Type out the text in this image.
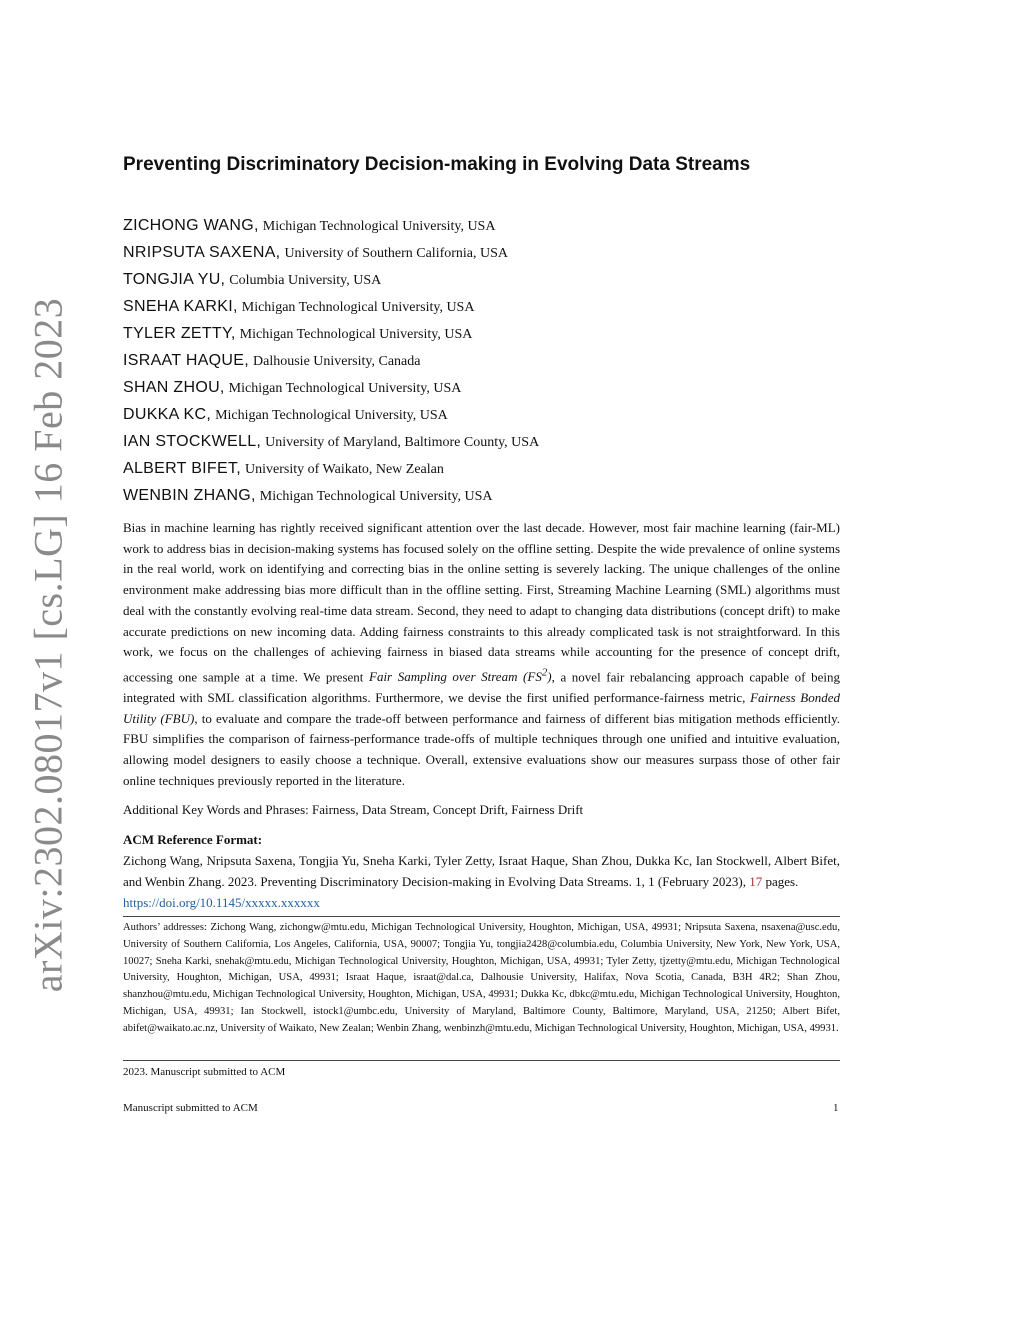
arXiv:2302.08017v1 [cs.LG] 16 Feb 2023
Preventing Discriminatory Decision-making in Evolving Data Streams
ZICHONG WANG, Michigan Technological University, USA
NRIPSUTA SAXENA, University of Southern California, USA
TONGJIA YU, Columbia University, USA
SNEHA KARKI, Michigan Technological University, USA
TYLER ZETTY, Michigan Technological University, USA
ISRAAT HAQUE, Dalhousie University, Canada
SHAN ZHOU, Michigan Technological University, USA
DUKKA KC, Michigan Technological University, USA
IAN STOCKWELL, University of Maryland, Baltimore County, USA
ALBERT BIFET, University of Waikato, New Zealan
WENBIN ZHANG, Michigan Technological University, USA

Bias in machine learning has rightly received significant attention over the last decade. However, most fair machine learning (fair-ML) work to address bias in decision-making systems has focused solely on the offline setting. Despite the wide prevalence of online systems in the real world, work on identifying and correcting bias in the online setting is severely lacking. The unique challenges of the online environment make addressing bias more difficult than in the offline setting. First, Streaming Machine Learning (SML) algorithms must deal with the constantly evolving real-time data stream. Second, they need to adapt to changing data distributions (concept drift) to make accurate predictions on new incoming data. Adding fairness constraints to this already complicated task is not straightforward. In this work, we focus on the challenges of achieving fairness in biased data streams while accounting for the presence of concept drift, accessing one sample at a time. We present Fair Sampling over Stream $(FS^2)$, a novel fair rebalancing approach capable of being integrated with SML classification algorithms. Furthermore, we devise the first unified performance-fairness metric, Fairness Bonded Utility (FBU), to evaluate and compare the trade-off between performance and fairness of different bias mitigation methods efficiently. FBU simplifies the comparison of fairness-performance trade-offs of multiple techniques through one unified and intuitive evaluation, allowing model designers to easily choose a technique. Overall, extensive evaluations show our measures surpass those of other fair online techniques previously reported in the literature.

Additional Key Words and Phrases: Fairness, Data Stream, Concept Drift, Fairness Drift

ACM Reference Format:

Zichong Wang, Nripsuta Saxena, Tongjia Yu, Sneha Karki, Tyler Zetty, Israat Haque, Shan Zhou, Dukka Kc, Ian Stockwell, Albert Bifet, and Wenbin Zhang. 2023. Preventing Discriminatory Decision-making in Evolving Data Streams. 1, 1 (February 2023), 17 pages.
https://doi.org/10.1145/xxxxx.xxxxxx

Authors’ addresses: Zichong Wang, zichongw@mtu.edu, Michigan Technological University, Houghton, Michigan, USA, 49931; Nripsuta Saxena, nsaxena@usc.edu, University of Southern California, Los Angeles, California, USA, 90007; Tongjia Yu, tongjia2428@columbia.edu, Columbia University, New York, New York, USA, 10027; Sneha Karki, snehak@mtu.edu, Michigan Technological University, Houghton, Michigan, USA, 49931; Tyler Zetty, tjzetty@mtu.edu, Michigan Technological University, Houghton, Michigan, USA, 49931; Israat Haque, israat@dal.ca, Dalhousie University, Halifax, Nova Scotia, Canada, B3H 4R2; Shan Zhou, shanzhou@mtu.edu, Michigan Technological University, Houghton, Michigan, USA, 49931; Dukka Kc, dbkc@mtu.edu, Michigan Technological University, Houghton, Michigan, USA, 49931; Ian Stockwell, istock1@umbc.edu, University of Maryland, Baltimore County, Baltimore, Maryland, USA, 21250; Albert Bifet, abifet@waikato.ac.nz, University of Waikato, New Zealan; Wenbin Zhang, wenbinzh@mtu.edu, Michigan Technological University, Houghton, Michigan, USA, 49931.

2023. Manuscript submitted to ACM

Manuscript submitted to ACM	1
